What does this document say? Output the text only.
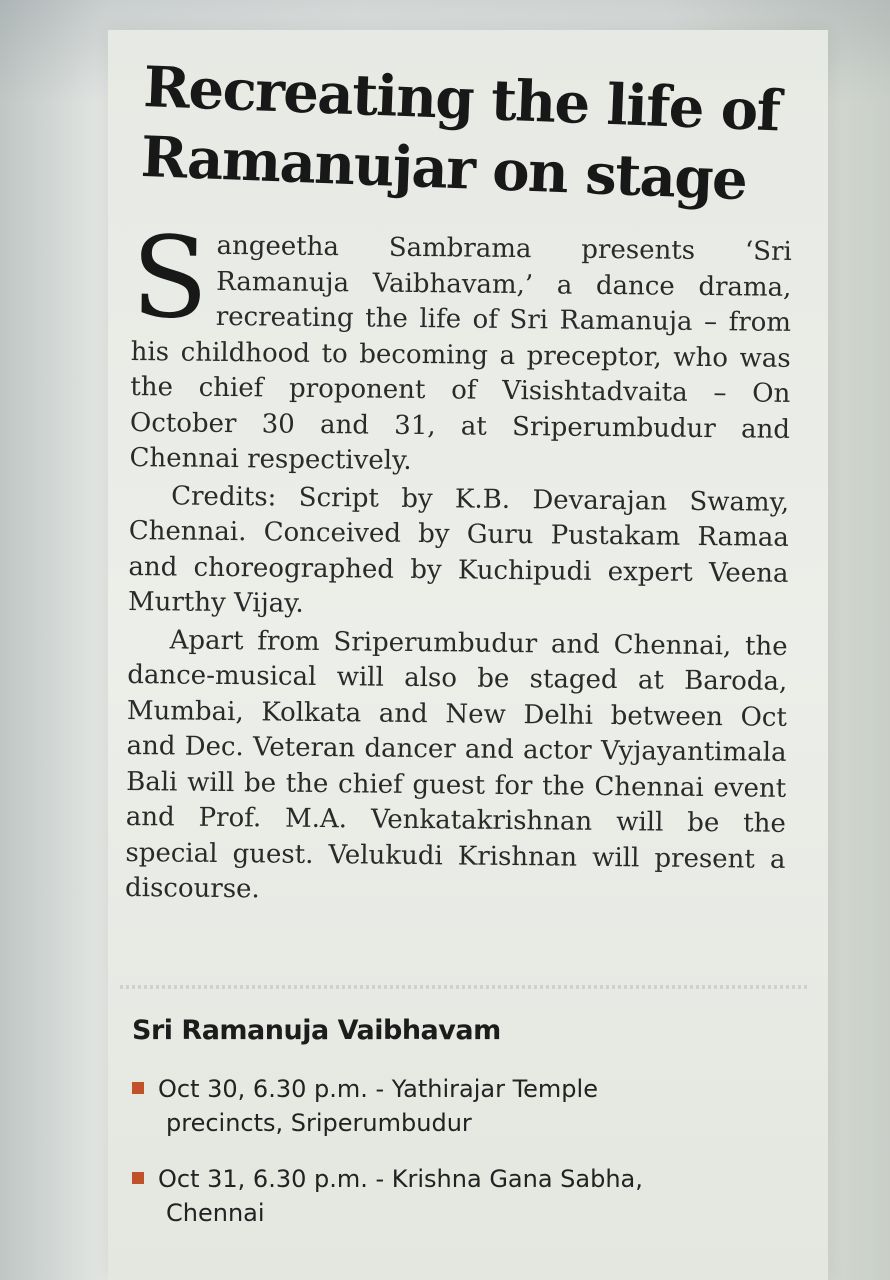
Recreating the life of
Ramanujar on stage

Sangeetha Sambrama presents ‘Sri Ramanuja Vaibhavam,’ a dance drama, recreating the life of Sri Ramanuja – from his childhood to becoming a preceptor, who was the chief proponent of Visishtadvaita – On October 30 and 31, at Sriperumbudur and Chennai respectively.

Credits: Script by K.B. Devarajan Swamy, Chennai. Conceived by Guru Pustakam Ramaa and choreographed by Kuchipudi expert Veena Murthy Vijay.

Apart from Sriperumbudur and Chennai, the dance-musical will also be staged at Baroda, Mumbai, Kolkata and New Delhi between Oct and Dec. Veteran dancer and actor Vyjayantimala Bali will be the chief guest for the Chennai event and Prof. M.A. Venkatakrishnan will be the special guest. Velukudi Krishnan will present a discourse.

Sri Ramanuja Vaibhavam
Oct 30, 6.30 p.m. - Yathirajar Temple
precincts, Sriperumbudur
Oct 31, 6.30 p.m. - Krishna Gana Sabha,
Chennai
